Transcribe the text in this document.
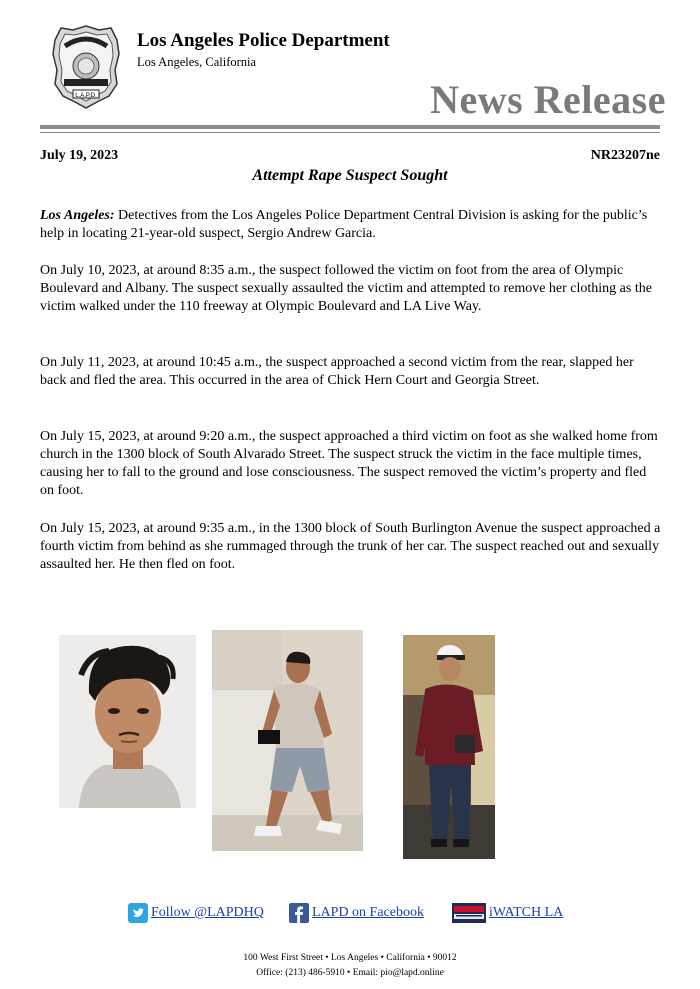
L.A.P.D.
Los Angeles Police Department
Los Angeles, California
News Release
July 19, 2023	NR23207ne
Attempt Rape Suspect Sought
Los Angeles: Detectives from the Los Angeles Police Department Central Division is asking for the public’s help in locating 21-year-old suspect, Sergio Andrew Garcia.
On July 10, 2023, at around 8:35 a.m., the suspect followed the victim on foot from the area of Olympic Boulevard and Albany. The suspect sexually assaulted the victim and attempted to remove her clothing as the victim walked under the 110 freeway at Olympic Boulevard and LA Live Way.
On July 11, 2023, at around 10:45 a.m., the suspect approached a second victim from the rear, slapped her back and fled the area. This occurred in the area of Chick Hern Court and Georgia Street.
On July 15, 2023, at around 9:20 a.m., the suspect approached a third victim on foot as she walked home from church in the 1300 block of South Alvarado Street. The suspect struck the victim in the face multiple times, causing her to fall to the ground and lose consciousness. The suspect removed the victim’s property and fled on foot.
On July 15, 2023, at around 9:35 a.m., in the 1300 block of South Burlington Avenue the suspect approached a fourth victim from behind as she rummaged through the trunk of her car. The suspect reached out and sexually assaulted her. He then fled on foot.
Follow @LAPDHQ	LAPD on Facebook	iWATCH LA
100 West First Street • Los Angeles • California • 90012
Office: (213) 486-5910 • Email: pio@lapd.online
